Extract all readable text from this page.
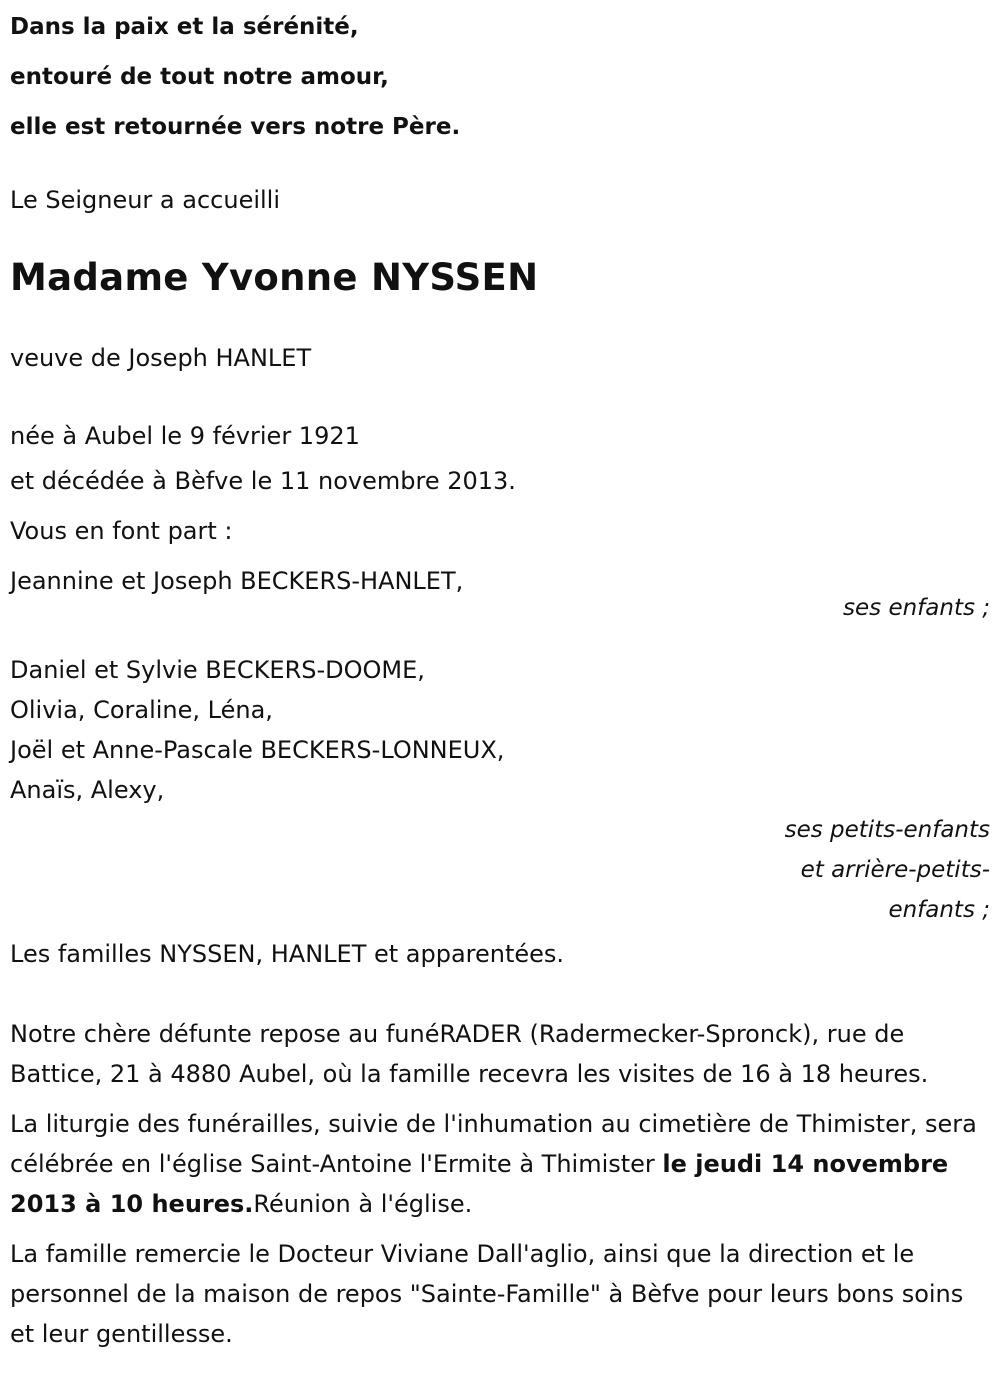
Dans la paix et la sérénité,
entouré de tout notre amour,
elle est retournée vers notre Père.

Le Seigneur a accueilli

Madame Yvonne NYSSEN

veuve de Joseph HANLET

née à Aubel le 9 février 1921

et décédée à Bèfve le 11 novembre 2013.

Vous en font part :

Jeannine et Joseph BECKERS-HANLET,

ses enfants ;

Daniel et Sylvie BECKERS-DOOME,
Olivia, Coraline, Léna,
Joël et Anne-Pascale BECKERS-LONNEUX,
Anaïs, Alexy,

ses petits-enfants et arrière-petits-enfants ;

Les familles NYSSEN, HANLET et apparentées.

Notre chère défunte repose au funéRADER (Radermecker-Spronck), rue de Battice, 21 à 4880 Aubel, où la famille recevra les visites de 16 à 18 heures.

La liturgie des funérailles, suivie de l'inhumation au cimetière de Thimister, sera célébrée en l'église Saint-Antoine l'Ermite à Thimister le jeudi 14 novembre 2013 à 10 heures.Réunion à l'église.

La famille remercie le Docteur Viviane Dall'aglio, ainsi que la direction et le personnel de la maison de repos "Sainte-Famille" à Bèfve pour leurs bons soins et leur gentillesse.
